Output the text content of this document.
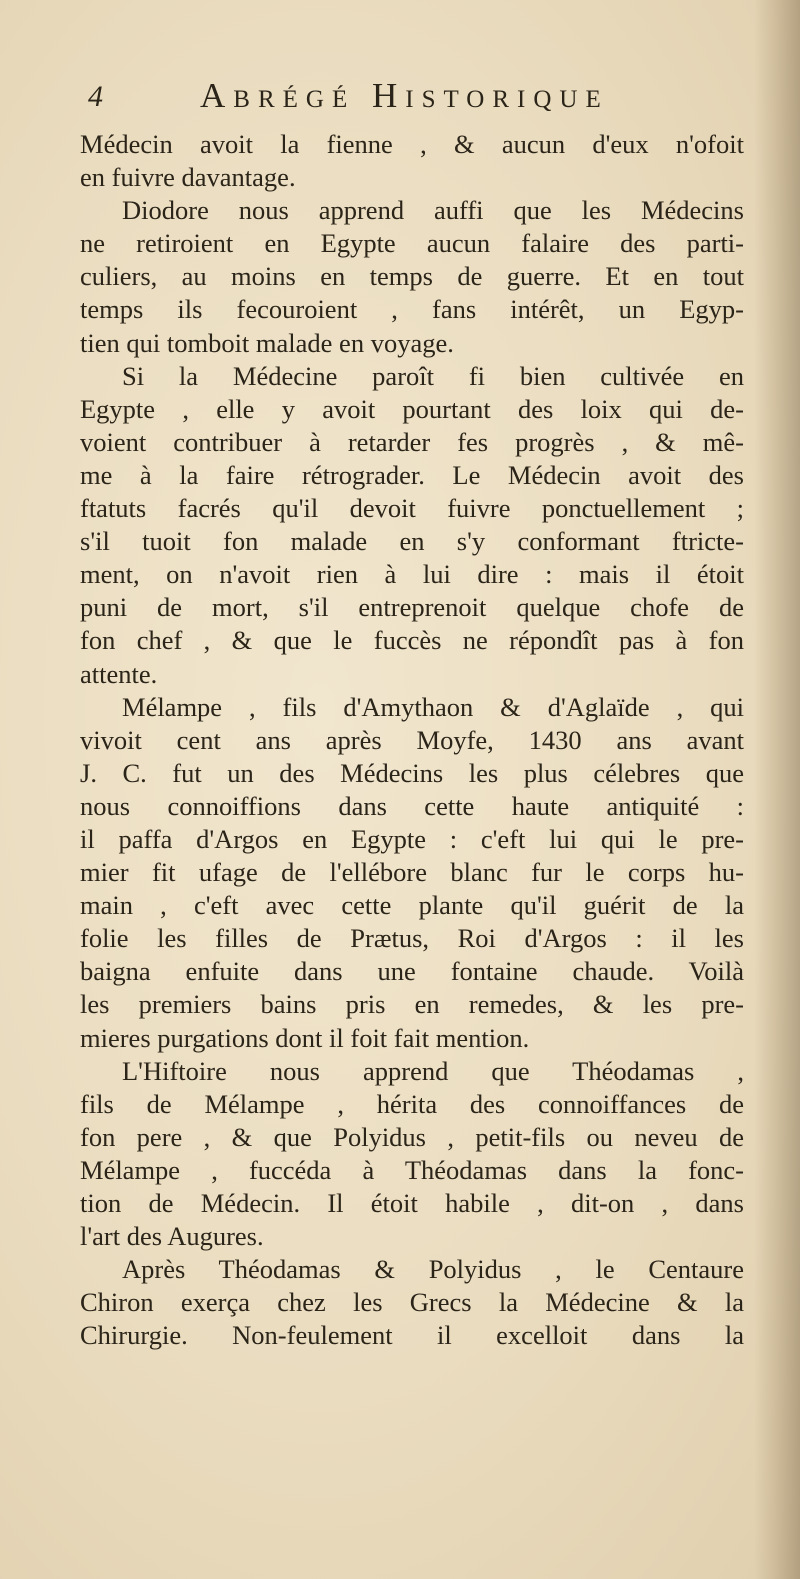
4	Abrégé Historique
Médecin avoit la fienne , & aucun d'eux n'ofoit
en fuivre davantage.
Diodore nous apprend auffi que les Médecins
ne retiroient en Egypte aucun falaire des parti-
culiers, au moins en temps de guerre. Et en tout
temps ils fecouroient , fans intérêt, un Egyp-
tien qui tomboit malade en voyage.
Si la Médecine paroît fi bien cultivée en
Egypte , elle y avoit pourtant des loix qui de-
voient contribuer à retarder fes progrès , & mê-
me à la faire rétrograder. Le Médecin avoit des
ftatuts facrés qu'il devoit fuivre ponctuellement ;
s'il tuoit fon malade en s'y conformant ftricte-
ment, on n'avoit rien à lui dire : mais il étoit
puni de mort, s'il entreprenoit quelque chofe de
fon chef , & que le fuccès ne répondît pas à fon
attente.
Mélampe , fils d'Amythaon & d'Aglaïde , qui
vivoit cent ans après Moyfe, 1430 ans avant
J. C. fut un des Médecins les plus célebres que
nous connoiffions dans cette haute antiquité :
il paffa d'Argos en Egypte : c'eft lui qui le pre-
mier fit ufage de l'ellébore blanc fur le corps hu-
main , c'eft avec cette plante qu'il guérit de la
folie les filles de Prætus, Roi d'Argos : il les
baigna enfuite dans une fontaine chaude. Voilà
les premiers bains pris en remedes, & les pre-
mieres purgations dont il foit fait mention.
L'Hiftoire nous apprend que Théodamas ,
fils de Mélampe , hérita des connoiffances de
fon pere , & que Polyidus , petit-fils ou neveu de
Mélampe , fuccéda à Théodamas dans la fonc-
tion de Médecin. Il étoit habile , dit-on , dans
l'art des Augures.
Après Théodamas & Polyidus , le Centaure
Chiron exerça chez les Grecs la Médecine & la
Chirurgie. Non-feulement il excelloit dans la
